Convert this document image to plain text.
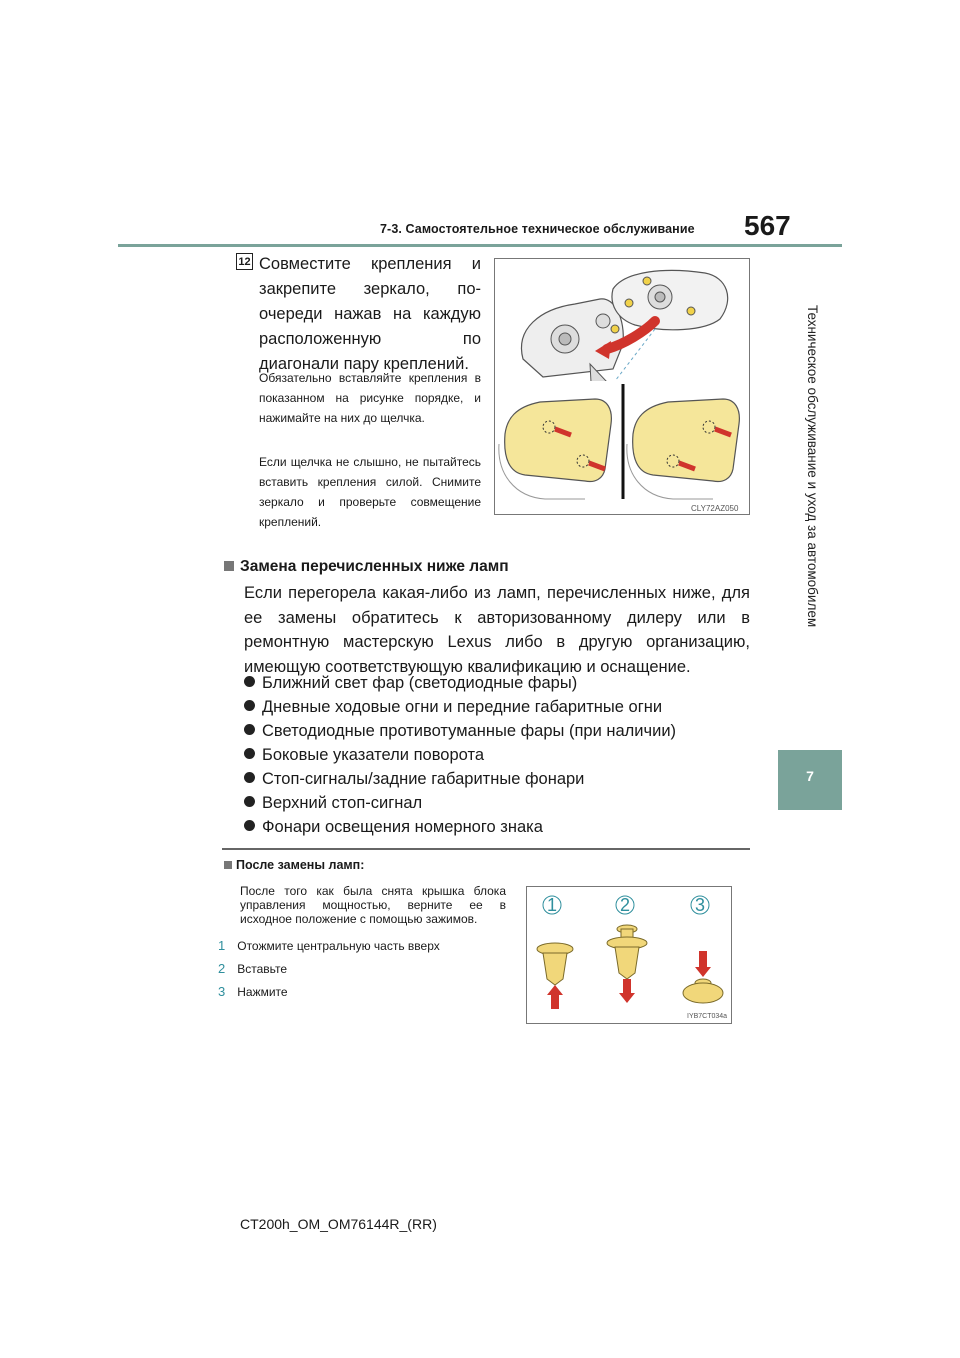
7-3. Самостоятельное техническое обслуживание 567
Техническое обслуживание и уход за автомобилем
7
12 Совместите крепления и закрепите зеркало, по-очереди нажав на каждую расположенную по диагонали пару креплений.
Обязательно вставляйте крепления в показанном на рисунке порядке, и нажимайте на них до щелчка.
Если щелчка не слышно, не пытайтесь вставить крепления силой. Снимите зеркало и проверьте совмещение креплений.
CLY72AZ050
Замена перечисленных ниже ламп
Если перегорела какая-либо из ламп, перечисленных ниже, для ее замены обратитесь к авторизованному дилеру или в ремонтную мастерскую Lexus либо в другую организацию, имеющую соответствующую квалификацию и оснащение.
Ближний свет фар (светодиодные фары)
Дневные ходовые огни и передние габаритные огни
Светодиодные противотуманные фары (при наличии)
Боковые указатели поворота
Стоп-сигналы/задние габаритные фонари
Верхний стоп-сигнал
Фонари освещения номерного знака
После замены ламп:
После того как была снята крышка блока управления мощностью, верните ее в исходное положение с помощью зажимов.
1 Отожмите центральную часть вверх
2 Вставьте
3 Нажмите
1	2	3
IYB7CT034a
CT200h_OM_OM76144R_(RR)
